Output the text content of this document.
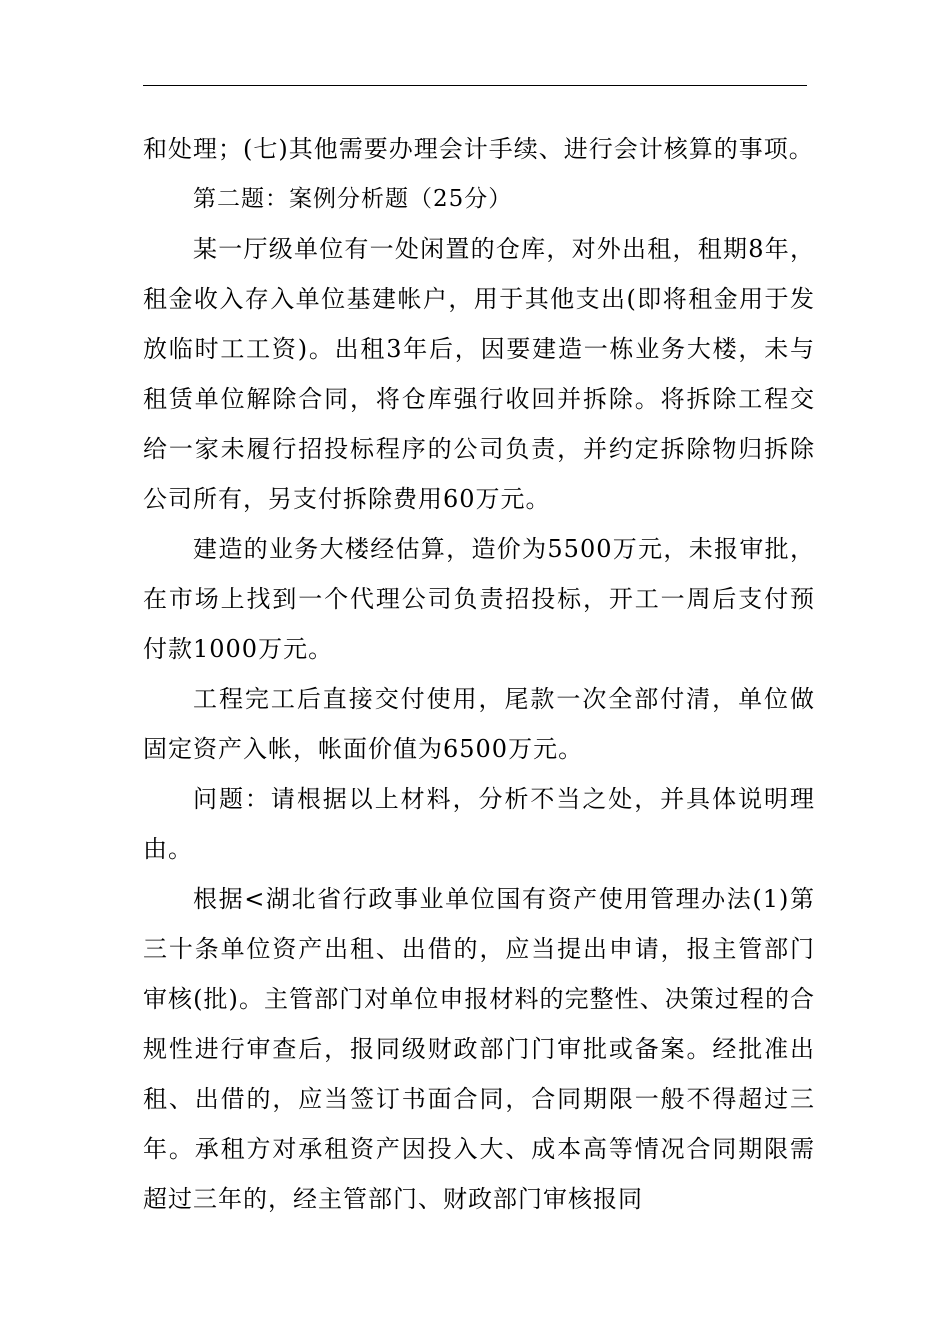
和处理；(七)其他需要办理会计手续、进行会计核算的事项。

第二题：案例分析题（25分）

某一厅级单位有一处闲置的仓库，对外出租，租期8年，租金收入存入单位基建帐户，用于其他支出(即将租金用于发放临时工工资)。出租3年后，因要建造一栋业务大楼，未与租赁单位解除合同，将仓库强行收回并拆除。将拆除工程交给一家未履行招投标程序的公司负责，并约定拆除物归拆除公司所有，另支付拆除费用60万元。

建造的业务大楼经估算，造价为5500万元，未报审批，在市场上找到一个代理公司负责招投标，开工一周后支付预付款1000万元。

工程完工后直接交付使用，尾款一次全部付清，单位做固定资产入帐，帐面价值为6500万元。

问题：请根据以上材料，分析不当之处，并具体说明理由。

根据<湖北省行政事业单位国有资产使用管理办法(1)第三十条单位资产出租、出借的，应当提出申请，报主管部门审核(批)。主管部门对单位申报材料的完整性、决策过程的合规性进行审查后，报同级财政部门门审批或备案。经批准出租、出借的，应当签订书面合同，合同期限一般不得超过三年。承租方对承租资产因投入大、成本高等情况合同期限需超过三年的，经主管部门、财政部门审核报同
